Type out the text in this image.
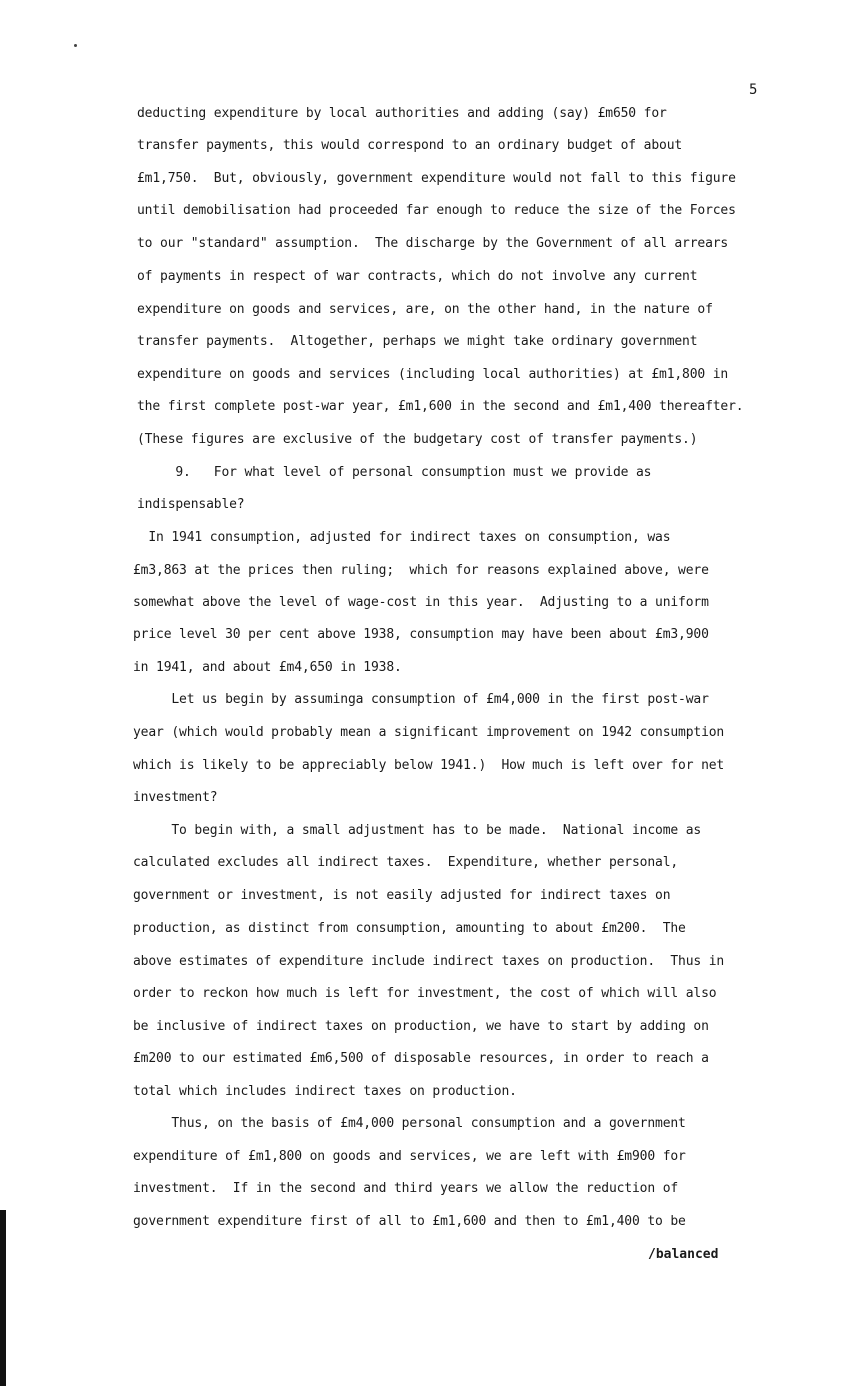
5
deducting expenditure by local authorities and adding (say) £m650 for
transfer payments, this would correspond to an ordinary budget of about
£m1,750.  But, obviously, government expenditure would not fall to this figure
until demobilisation had proceeded far enough to reduce the size of the Forces
to our "standard" assumption.  The discharge by the Government of all arrears
of payments in respect of war contracts, which do not involve any current
expenditure on goods and services, are, on the other hand, in the nature of
transfer payments.  Altogether, perhaps we might take ordinary government
expenditure on goods and services (including local authorities) at £m1,800 in
the first complete post-war year, £m1,600 in the second and £m1,400 thereafter.
(These figures are exclusive of the budgetary cost of transfer payments.)
9.   For what level of personal consumption must we provide as
indispensable?
In 1941 consumption, adjusted for indirect taxes on consumption, was
£m3,863 at the prices then ruling;  which for reasons explained above, were
somewhat above the level of wage-cost in this year.  Adjusting to a uniform
price level 30 per cent above 1938, consumption may have been about £m3,900
in 1941, and about £m4,650 in 1938.
Let us begin by assuminga consumption of £m4,000 in the first post-war
year (which would probably mean a significant improvement on 1942 consumption
which is likely to be appreciably below 1941.)  How much is left over for net
investment?
To begin with, a small adjustment has to be made.  National income as
calculated excludes all indirect taxes.  Expenditure, whether personal,
government or investment, is not easily adjusted for indirect taxes on
production, as distinct from consumption, amounting to about £m200.  The
above estimates of expenditure include indirect taxes on production.  Thus in
order to reckon how much is left for investment, the cost of which will also
be inclusive of indirect taxes on production, we have to start by adding on
£m200 to our estimated £m6,500 of disposable resources, in order to reach a
total which includes indirect taxes on production.
Thus, on the basis of £m4,000 personal consumption and a government
expenditure of £m1,800 on goods and services, we are left with £m900 for
investment.  If in the second and third years we allow the reduction of
government expenditure first of all to £m1,600 and then to £m1,400 to be
/balanced
